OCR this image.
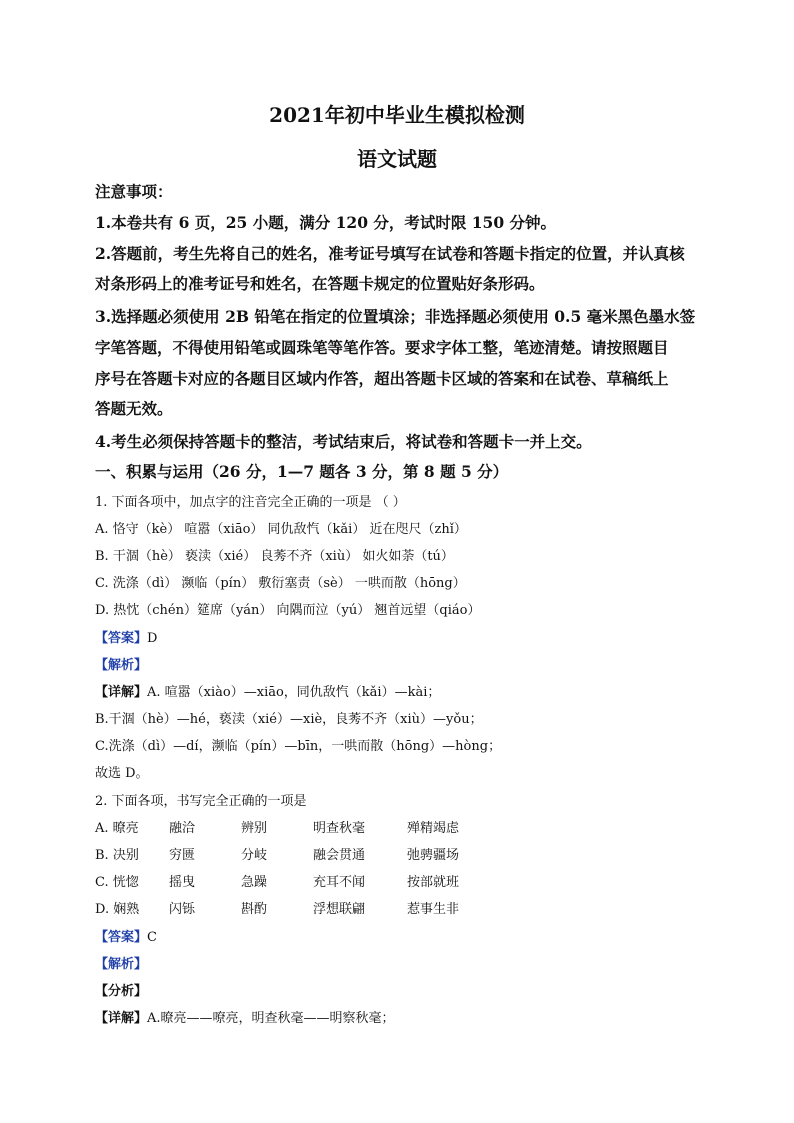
2021年初中毕业生模拟检测
语文试题
注意事项：
1.本卷共有 6 页，25 小题，满分 120 分，考试时限 150 分钟。
2.答题前，考生先将自己的姓名，准考证号填写在试卷和答题卡指定的位置，并认真核
对条形码上的准考证号和姓名，在答题卡规定的位置贴好条形码。
3.选择题必须使用 2B 铅笔在指定的位置填涂；非选择题必须使用 0.5 毫米黑色墨水签
字笔答题，不得使用铅笔或圆珠笔等笔作答。要求字体工整，笔迹清楚。请按照题目
序号在答题卡对应的各题目区域内作答，超出答题卡区域的答案和在试卷、草稿纸上
答题无效。
4.考生必须保持答题卡的整洁，考试结束后，将试卷和答题卡一并上交。
一、积累与运用（26 分，1—7 题各 3 分，第 8 题 5 分）
1. 下面各项中，加点字的注音完全正确的一项是 （ ）
A. 恪守（kè） 喧嚣（xiāo） 同仇敌忾（kǎi） 近在咫尺（zhǐ）
B. 干涸（hè） 亵渎（xié） 良莠不齐（xiù） 如火如荼（tú）
C. 洗涤（dì） 濒临（pín） 敷衍塞责（sè） 一哄而散（hōng）
D. 热忱（chén）筵席（yán） 向隅而泣（yú） 翘首远望（qiáo）
【答案】D
【解析】
【详解】A. 喧嚣（xiào）—xiāo，同仇敌忾（kǎi）—kài；
B.干涸（hè）—hé，亵渎（xié）—xiè，良莠不齐（xiù）—yǒu；
C.洗涤（dì）—dí，濒临（pín）—bīn，一哄而散（hōng）—hòng；
故选 D。
2. 下面各项，书写完全正确的一项是
A. 暸亮 融洽	辨别	明查秋毫	殚精竭虑
B. 决别 穷匮	分岐	融会贯通	弛骋疆场
C. 恍惚 摇曳	急躁	充耳不闻	按部就班
D. 娴熟 闪铄	斟酌	浮想联翩	惹事生非
【答案】C
【解析】
【分析】
【详解】A.暸亮——嘹亮，明查秋毫——明察秋毫；
